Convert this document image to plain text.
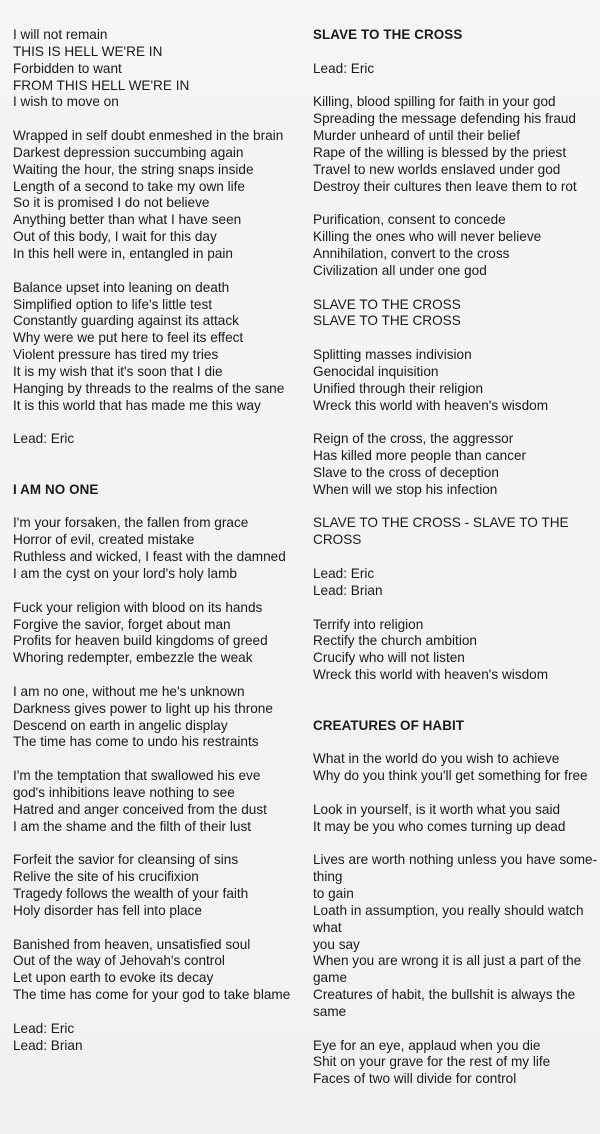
I will not remain
THIS IS HELL WE'RE IN
Forbidden to want
FROM THIS HELL WE'RE IN
I wish to move on
Wrapped in self doubt enmeshed in the brain
Darkest depression succumbing again
Waiting the hour, the string snaps inside
Length of a second to take my own life
So it is promised I do not believe
Anything better than what I have seen
Out of this body, I wait for this day
In this hell were in, entangled in pain
Balance upset into leaning on death
Simplified option to life's little test
Constantly guarding against its attack
Why were we put here to feel its effect
Violent pressure has tired my tries
It is my wish that it's soon that I die
Hanging by threads to the realms of the sane
It is this world that has made me this way
Lead: Eric
I AM NO ONE
I'm your forsaken, the fallen from grace
Horror of evil, created mistake
Ruthless and wicked, I feast with the damned
I am the cyst on your lord's holy lamb
Fuck your religion with blood on its hands
Forgive the savior, forget about man
Profits for heaven build kingdoms of greed
Whoring redempter, embezzle the weak
I am no one, without me he's unknown
Darkness gives power to light up his throne
Descend on earth in angelic display
The time has come to undo his restraints
I'm the temptation that swallowed his eve
god's inhibitions leave nothing to see
Hatred and anger conceived from the dust
I am the shame and the filth of their lust
Forfeit the savior for cleansing of sins
Relive the site of his crucifixion
Tragedy follows the wealth of your faith
Holy disorder has fell into place
Banished from heaven, unsatisfied soul
Out of the way of Jehovah's control
Let upon earth to evoke its decay
The time has come for your god to take blame
Lead: Eric
Lead: Brian
SLAVE TO THE CROSS
Lead: Eric
Killing, blood spilling for faith in your god
Spreading the message defending his fraud
Murder unheard of until their belief
Rape of the willing is blessed by the priest
Travel to new worlds enslaved under god
Destroy their cultures then leave them to rot
Purification, consent to concede
Killing the ones who will never believe
Annihilation, convert to the cross
Civilization all under one god
SLAVE TO THE CROSS
SLAVE TO THE CROSS
Splitting masses indivision
Genocidal inquisition
Unified through their religion
Wreck this world with heaven's wisdom
Reign of the cross, the aggressor
Has killed more people than cancer
Slave to the cross of deception
When will we stop his infection
SLAVE TO THE CROSS - SLAVE TO THE
CROSS
Lead: Eric
Lead: Brian
Terrify into religion
Rectify the church ambition
Crucify who will not listen
Wreck this world with heaven's wisdom
CREATURES OF HABIT
What in the world do you wish to achieve
Why do you think you'll get something for free
Look in yourself, is it worth what you said
It may be you who comes turning up dead
Lives are worth nothing unless you have some-
thing
to gain
Loath in assumption, you really should watch
what
you say
When you are wrong it is all just a part of the
game
Creatures of habit, the bullshit is always the
same
Eye for an eye, applaud when you die
Shit on your grave for the rest of my life
Faces of two will divide for control
